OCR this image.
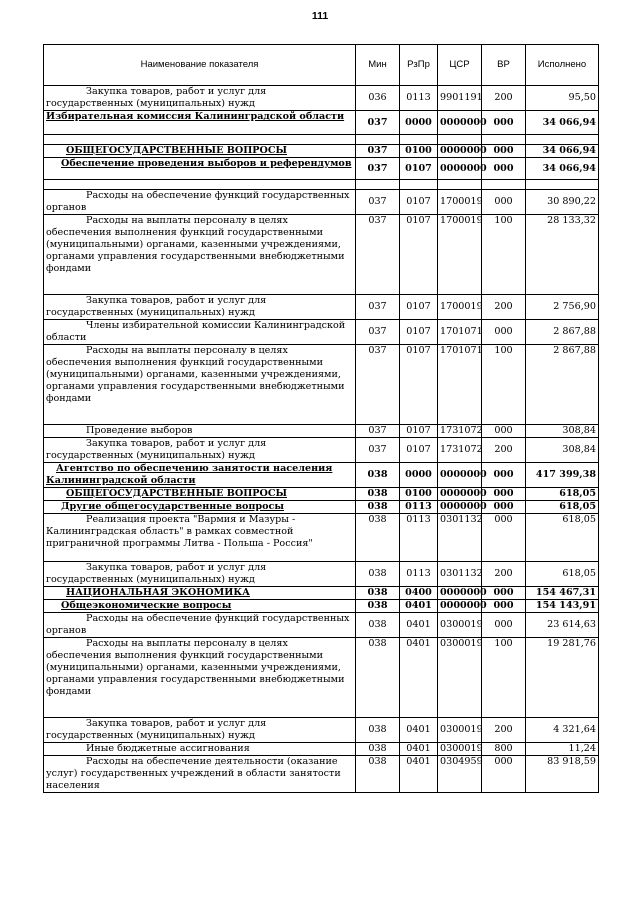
111
Наименование показателя	Мин	РзПр	ЦСР	ВР	Исполнено
Закупка товаров, работ и услуг для государственных (муниципальных) нужд	036	0113	9901191	200	95,50
Избирательная комиссия Калининградской области	037	0000	0000000	000	34 066,94

ОБЩЕГОСУДАРСТВЕННЫЕ ВОПРОСЫ	037	0100	0000000	000	34 066,94
Обеспечение проведения выборов и референдумов	037	0107	0000000	000	34 066,94

Расходы на обеспечение функций государственных органов	037	0107	1700019	000	30 890,22
Расходы на выплаты персоналу в целях обеспечения выполнения функций государственными (муниципальными) органами, казенными учреждениями, органами управления государственными внебюджетными фондами	037	0107	1700019	100	28 133,32
Закупка товаров, работ и услуг для государственных (муниципальных) нужд	037	0107	1700019	200	2 756,90
Члены избирательной комиссии Калининградской области	037	0107	1701071	000	2 867,88
Расходы на выплаты персоналу в целях обеспечения выполнения функций государственными (муниципальными) органами, казенными учреждениями, органами управления государственными внебюджетными фондами	037	0107	1701071	100	2 867,88
Проведение выборов	037	0107	1731072	000	308,84
Закупка товаров, работ и услуг для государственных (муниципальных) нужд	037	0107	1731072	200	308,84
Агентство по обеспечению занятости населения Калининградской области	038	0000	0000000	000	417 399,38
ОБЩЕГОСУДАРСТВЕННЫЕ ВОПРОСЫ	038	0100	0000000	000	618,05
Другие общегосударственные вопросы	038	0113	0000000	000	618,05
Реализация проекта "Вармия и Мазуры - Калининградская область" в рамках совместной приграничной программы Литва - Польша - Россия"	038	0113	0301132	000	618,05
Закупка товаров, работ и услуг для государственных (муниципальных) нужд	038	0113	0301132	200	618,05
НАЦИОНАЛЬНАЯ ЭКОНОМИКА	038	0400	0000000	000	154 467,31
Общеэкономические вопросы	038	0401	0000000	000	154 143,91
Расходы на обеспечение функций государственных органов	038	0401	0300019	000	23 614,63
Расходы на выплаты персоналу в целях обеспечения выполнения функций государственными (муниципальными) органами, казенными учреждениями, органами управления государственными внебюджетными фондами	038	0401	0300019	100	19 281,76
Закупка товаров, работ и услуг для государственных (муниципальных) нужд	038	0401	0300019	200	4 321,64
Иные бюджетные ассигнования	038	0401	0300019	800	11,24
Расходы на обеспечение деятельности (оказание услуг) государственных учреждений в области занятости населения	038	0401	0304959	000	83 918,59
